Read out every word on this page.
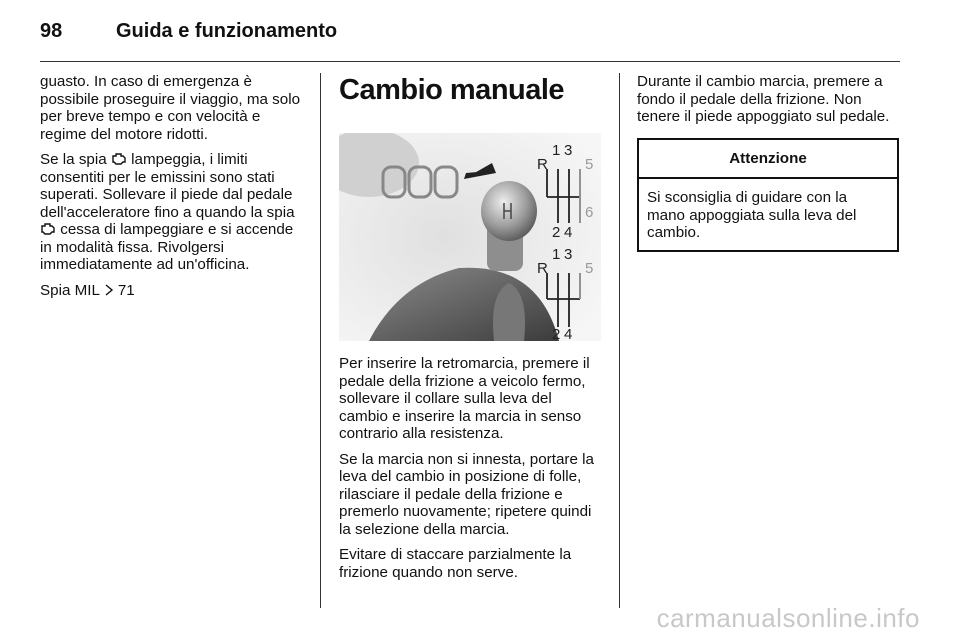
98	Guida e funzionamento

guasto. In caso di emergenza è possibile proseguire il viaggio, ma solo per breve tempo e con velocità e regime del motore ridotti.

Se la spia lampeggia, i limiti consentiti per le emissini sono stati superati. Sollevare il piede dal pedale dell'acceleratore fino a quando la spia  cessa di lampeggiare e si accende in modalità fissa. Rivolgersi immediatamente ad un'officina.

Spia MIL 71

Cambio manuale
R
1 3
5
2 4
6
R
1 3
5
2 4

Per inserire la retromarcia, premere il pedale della frizione a veicolo fermo, sollevare il collare sulla leva del cambio e inserire la marcia in senso contrario alla resistenza.

Se la marcia non si innesta, portare la leva del cambio in posizione di folle, rilasciare il pedale della frizione e premerlo nuovamente; ripetere quindi la selezione della marcia.

Evitare di staccare parzialmente la frizione quando non serve.

Durante il cambio marcia, premere a fondo il pedale della frizione. Non tenere il piede appoggiato sul pedale.

Attenzione
Si sconsiglia di guidare con la mano appoggiata sulla leva del cambio.
carmanualsonline.info
